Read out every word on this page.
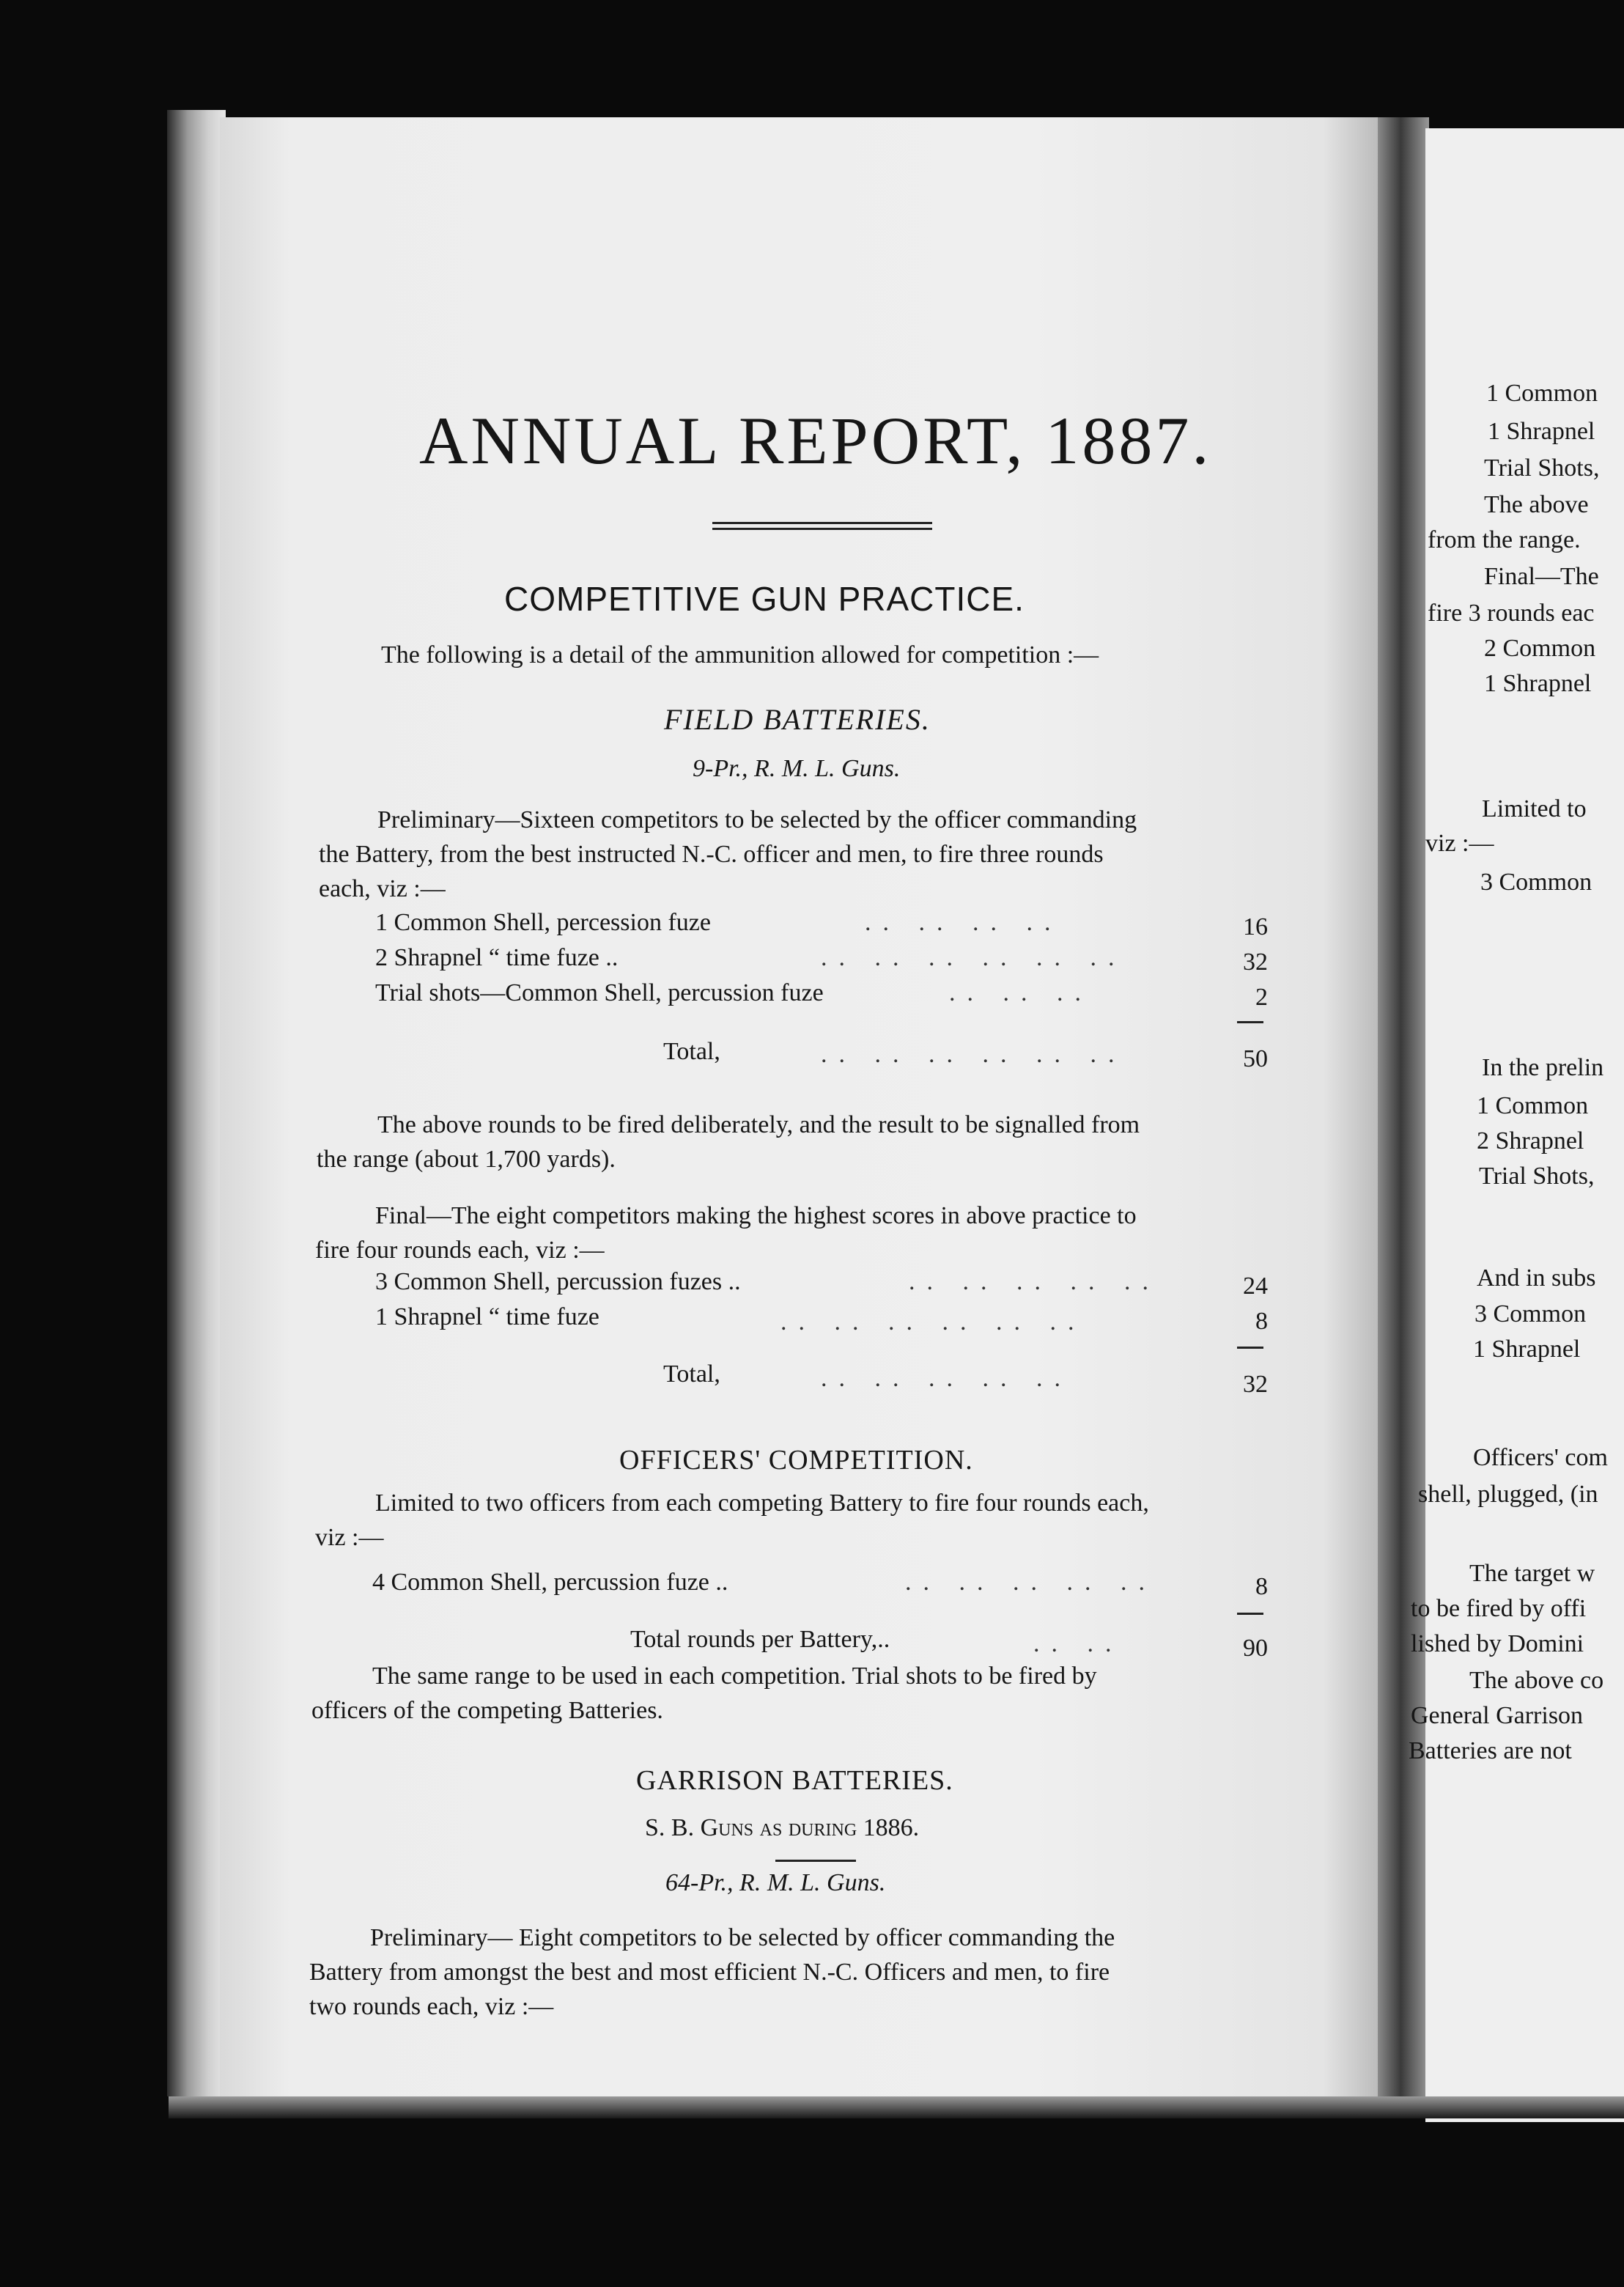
ANNUAL REPORT, 1887.
COMPETITIVE GUN PRACTICE.
The following is a detail of the ammunition allowed for competition :—
FIELD BATTERIES.
9-Pr., R. M. L. Guns.
Preliminary—Sixteen competitors to be selected by the officer commanding
the Battery, from the best instructed N.-C. officer and men, to fire three rounds
each, viz :—
1 Common Shell, percession fuze	.. .. .. ..	16
2 Shrapnel “ time fuze ..	.. .. .. .. .. ..	32
Trial shots—Common Shell, percussion fuze	.. .. ..	2
Total,	.. .. .. .. .. ..	50
The above rounds to be fired deliberately, and the result to be signalled from
the range (about 1,700 yards).
Final—The eight competitors making the highest scores in above practice to
fire four rounds each, viz :—
3 Common Shell, percussion fuzes ..	.. .. .. .. ..	24
1 Shrapnel “ time fuze	.. .. .. .. .. ..	8
Total,	.. .. .. .. ..	32
OFFICERS' COMPETITION.
Limited to two officers from each competing Battery to fire four rounds each,
viz :—
4 Common Shell, percussion fuze ..	.. .. .. .. ..	8
Total rounds per Battery,..	.. ..	90
The same range to be used in each competition. Trial shots to be fired by
officers of the competing Batteries.
GARRISON BATTERIES.
S. B. Guns as during 1886.
64-Pr., R. M. L. Guns.
Preliminary— Eight competitors to be selected by officer commanding the
Battery from amongst the best and most efficient N.-C. Officers and men, to fire
two rounds each, viz :—
1 Common
1 Shrapnel
Trial Shots,
The above
from the range.
Final—The
fire 3 rounds eac
2 Common
1 Shrapnel
Limited to
viz :—
3 Common
In the prelin
1 Common
2 Shrapnel
Trial Shots,
And in subs
3 Common
1 Shrapnel
Officers' com
shell, plugged, (in
The target w
to be fired by offi
lished by Domini
The above co
General Garrison
Batteries are not
